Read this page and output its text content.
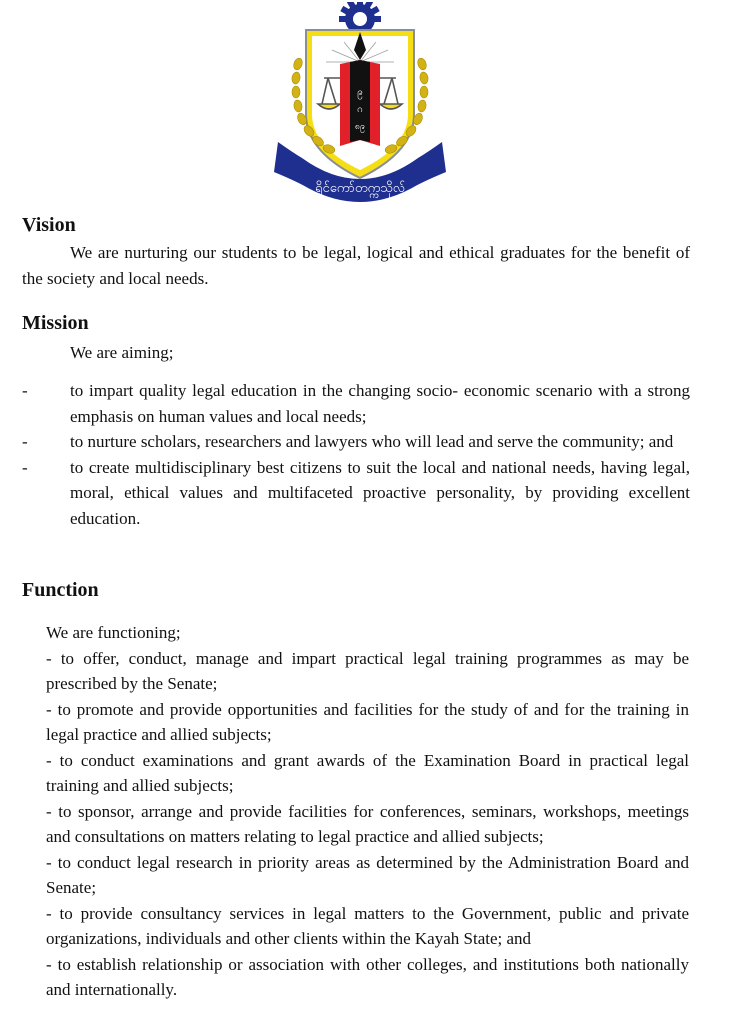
၉
ဂ
၈၉
ရိုင်ကော်တက္ကသိုလ်
Vision

We are nurturing our students to be legal, logical and ethical graduates for the benefit of the society and local needs.

Mission

We are aiming;

- to impart quality legal education in the changing socio- economic scenario with a strong emphasis on human values and local needs;
- to nurture scholars, researchers and lawyers who will lead and serve the community; and
- to create multidisciplinary best citizens to suit the local and national needs, having legal, moral, ethical values and multifaceted proactive personality, by providing excellent education.
Function
We are functioning;
- to offer, conduct, manage and impart practical legal training programmes as may be prescribed by the Senate;
- to promote and provide opportunities and facilities for the study of and for the training in legal practice and allied subjects;
- to conduct examinations and grant awards of the Examination Board in practical legal training and allied subjects;
- to sponsor, arrange and provide facilities for conferences, seminars, workshops, meetings and consultations on matters relating to legal practice and allied subjects;
- to conduct legal research in priority areas as determined by the Administration Board and Senate;
- to provide consultancy services in legal matters to the Government, public and private organizations, individuals and other clients within the Kayah State; and
- to establish relationship or association with other colleges, and institutions both nationally and internationally.
